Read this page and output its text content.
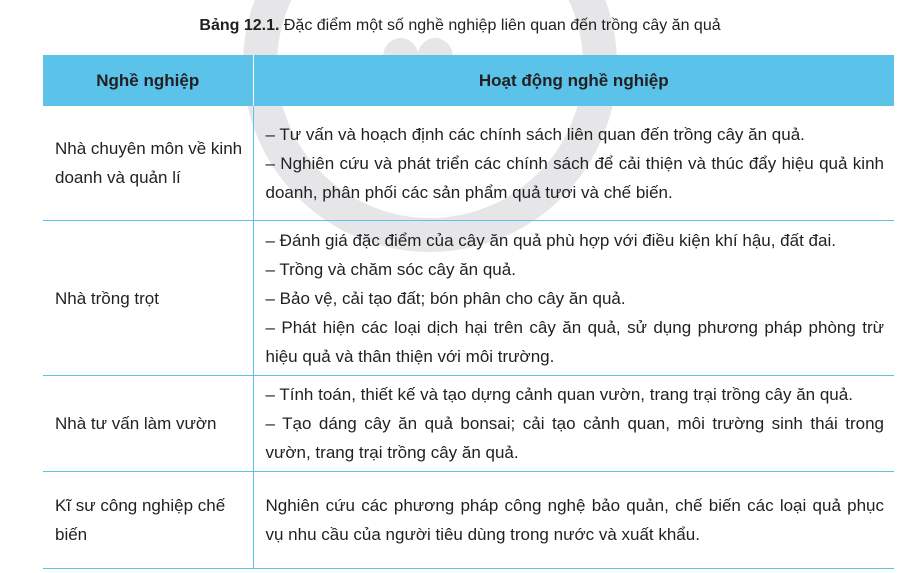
Bảng 12.1. Đặc điểm một số nghề nghiệp liên quan đến trồng cây ăn quả
Nghề nghiệp	Hoạt động nghề nghiệp
Nhà chuyên môn về kinh doanh và quản lí	– Tư vấn và hoạch định các chính sách liên quan đến trồng cây ăn quả.
– Nghiên cứu và phát triển các chính sách để cải thiện và thúc đẩy hiệu quả kinh doanh, phân phối các sản phẩm quả tươi và chế biến.

Nhà trồng trọt	– Đánh giá đặc điểm của cây ăn quả phù hợp với điều kiện khí hậu, đất đai.
– Trồng và chăm sóc cây ăn quả.
– Bảo vệ, cải tạo đất; bón phân cho cây ăn quả.
– Phát hiện các loại dịch hại trên cây ăn quả, sử dụng phương pháp phòng trừ hiệu quả và thân thiện với môi trường.

Nhà tư vấn làm vườn	– Tính toán, thiết kế và tạo dựng cảnh quan vườn, trang trại trồng cây ăn quả.
– Tạo dáng cây ăn quả bonsai; cải tạo cảnh quan, môi trường sinh thái trong vườn, trang trại trồng cây ăn quả.

Kĩ sư công nghiệp chế biến	Nghiên cứu các phương pháp công nghệ bảo quản, chế biến các loại quả phục vụ nhu cầu của người tiêu dùng trong nước và xuất khẩu.
